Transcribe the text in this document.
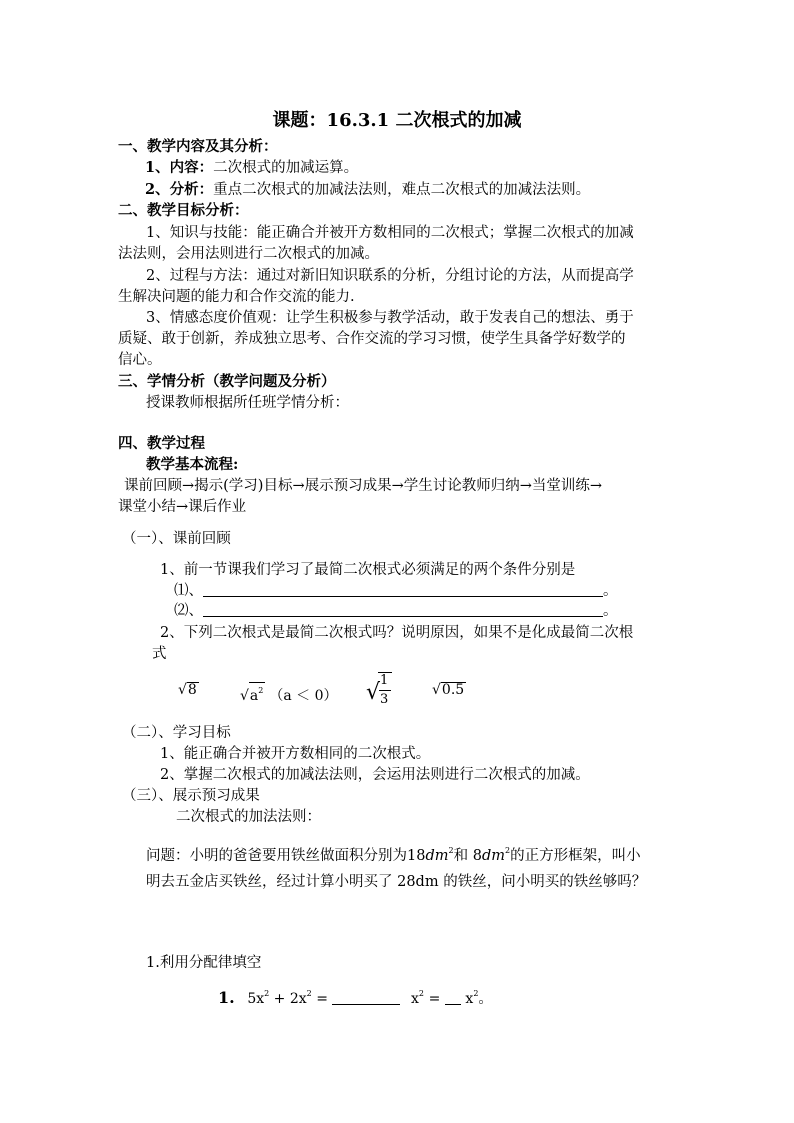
课题：16.3.1 二次根式的加减
一、教学内容及其分析：
1、内容：二次根式的加减运算。
2、分析：重点二次根式的加减法法则，难点二次根式的加减法法则。
二、教学目标分析：
1、知识与技能：能正确合并被开方数相同的二次根式；掌握二次根式的加减
法法则，会用法则进行二次根式的加减。
2、过程与方法：通过对新旧知识联系的分析，分组讨论的方法，从而提高学
生解决问题的能力和合作交流的能力.
3、情感态度价值观：让学生积极参与教学活动，敢于发表自己的想法、勇于
质疑、敢于创新，养成独立思考、合作交流的学习习惯，使学生具备学好数学的
信心。
三、学情分析（教学问题及分析）
授课教师根据所任班学情分析：
四、教学过程
教学基本流程:
课前回顾→揭示(学习)目标→展示预习成果→学生讨论教师归纳→当堂训练→
课堂小结→课后作业
（一）、课前回顾
1、前一节课我们学习了最简二次根式必须满足的两个条件分别是
⑴、	。
⑵、	。
2、下列二次根式是最简二次根式吗？说明原因，如果不是化成最简二次根
式
√8	$√a^2$ （a ＜ 0） √ 1
3
√0.5
（二）、学习目标
1、能正确合并被开方数相同的二次根式。
2、掌握二次根式的加减法法则，会运用法则进行二次根式的加减。
（三）、展示预习成果
二次根式的加法法则：
问题：小明的爸爸要用铁丝做面积分别为$18dm^2$和 $8dm^2$的正方形框架，叫小
明去五金店买铁丝，经过计算小明买了 28dm 的铁丝，问小明买的铁丝够吗？
1.利用分配律填空
1. $5x^2 + 2x^2$ =	$x^2 = x^2$。
